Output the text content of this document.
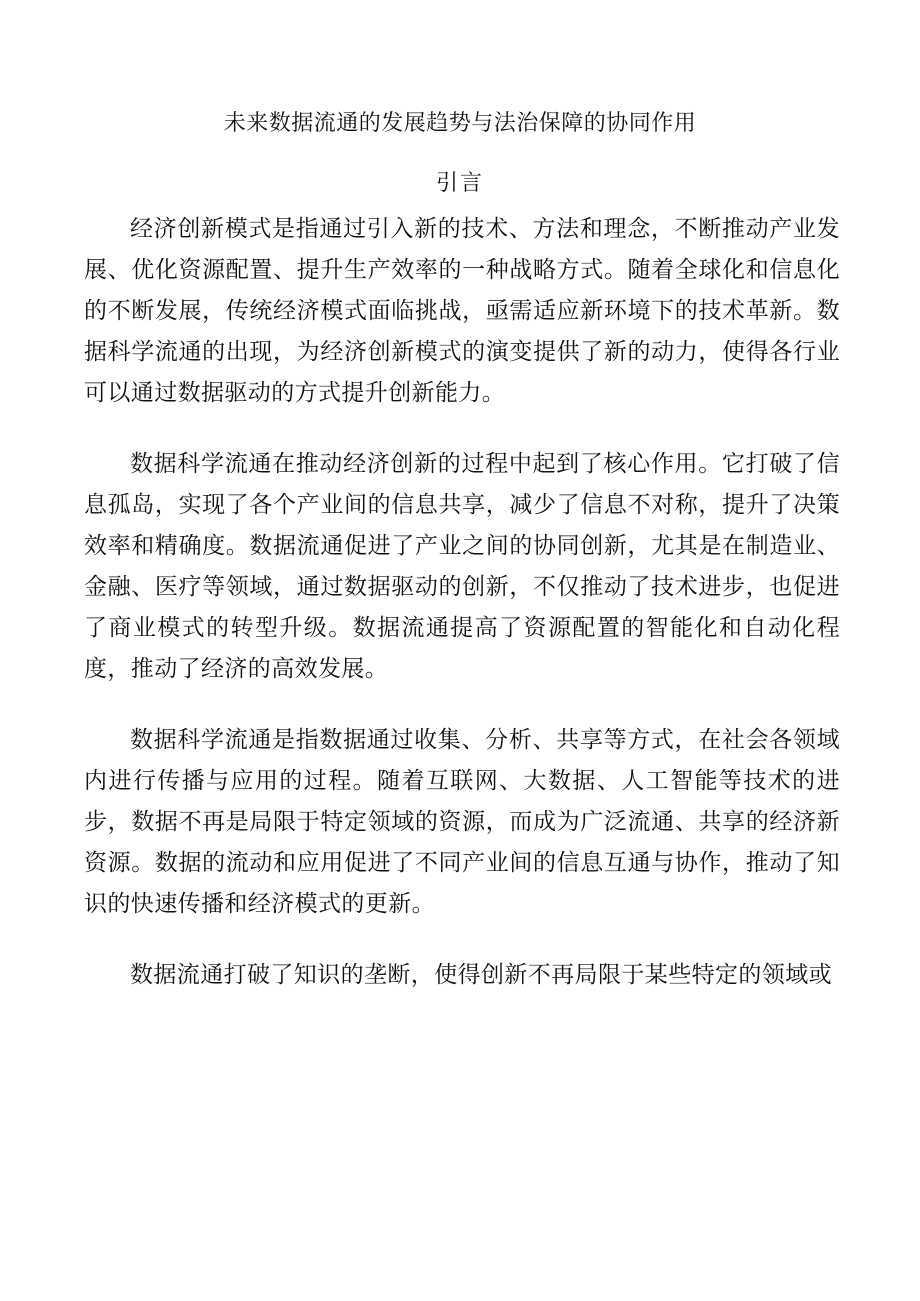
未来数据流通的发展趋势与法治保障的协同作用
引言

经济创新模式是指通过引入新的技术、方法和理念，不断推动产业发展、优化资源配置、提升生产效率的一种战略方式。随着全球化和信息化的不断发展，传统经济模式面临挑战，亟需适应新环境下的技术革新。数据科学流通的出现，为经济创新模式的演变提供了新的动力，使得各行业可以通过数据驱动的方式提升创新能力。

数据科学流通在推动经济创新的过程中起到了核心作用。它打破了信息孤岛，实现了各个产业间的信息共享，减少了信息不对称，提升了决策效率和精确度。数据流通促进了产业之间的协同创新，尤其是在制造业、金融、医疗等领域，通过数据驱动的创新，不仅推动了技术进步，也促进了商业模式的转型升级。数据流通提高了资源配置的智能化和自动化程度，推动了经济的高效发展。

数据科学流通是指数据通过收集、分析、共享等方式，在社会各领域内进行传播与应用的过程。随着互联网、大数据、人工智能等技术的进步，数据不再是局限于特定领域的资源，而成为广泛流通、共享的经济新资源。数据的流动和应用促进了不同产业间的信息互通与协作，推动了知识的快速传播和经济模式的更新。

数据流通打破了知识的垄断，使得创新不再局限于某些特定的领域或
